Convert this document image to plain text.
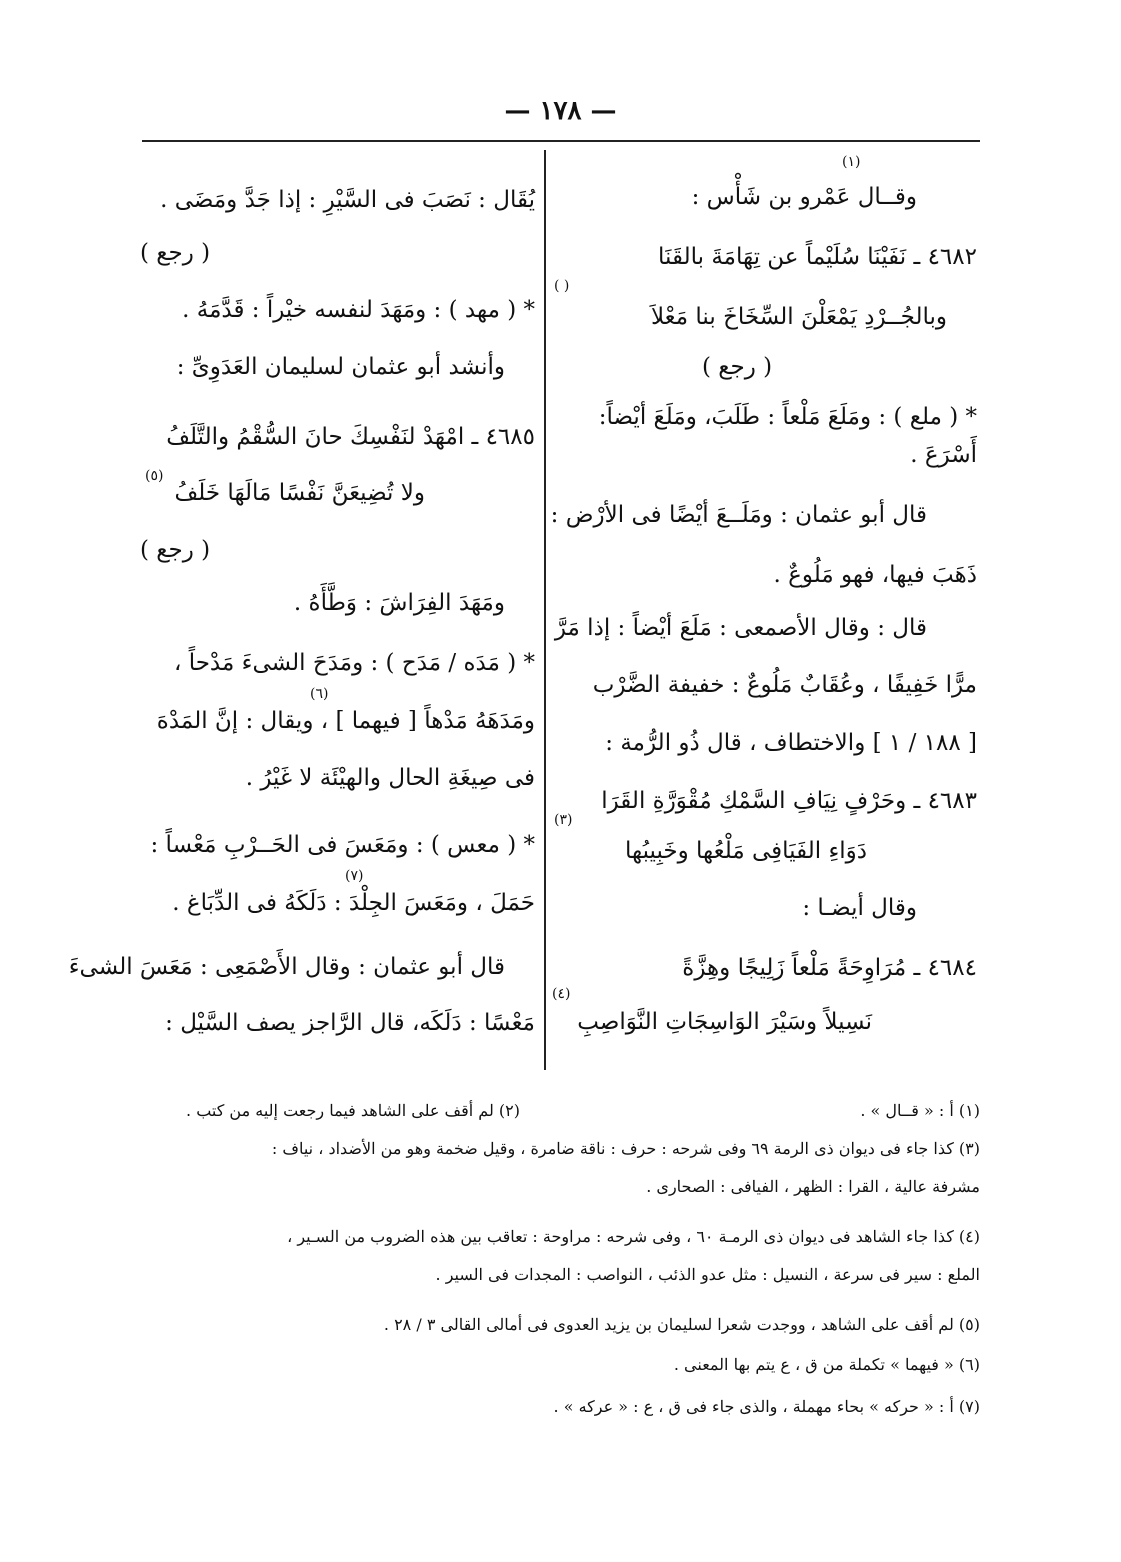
— ١٧٨ —
وقــال عَمْرو بن شَأْس :
٤٦٨٢ ـ نَفَيْنَا سُلَيْماً عن تِهَامَةَ بالقَنَا
وبالجُــرْدِ يَمْعَلْنَ السِّخَاخَ بنا مَعْلاَ
( رجع )
* ( ملع ) : ومَلَعَ مَلْعاً : طَلَبَ، ومَلَعَ أيْضاً:
أَسْرَعَ .
قال أبو عثمان : ومَلَــعَ أيْضًا فى الأرْض :
ذَهَبَ فيها، فهو مَلُوعٌ .
قال : وقال الأصمعى : مَلَعَ أيْضاً : إذا مَرَّ
مرًّا خَفِيفًا ، وعُقَابٌ مَلُوعٌ : خفيفة الضَّرْب
[ ١٨٨ / ١ ] والاختطاف ، قال ذُو الرُّمة :
٤٦٨٣ ـ وحَرْفٍ نِيَافِ السَّمْكِ مُقْوَرَّةِ القَرَا
دَوَاءِ الفَيَافِى مَلْعُها وخَبِيبُها
وقال أيضـا :
٤٦٨٤ ـ مُرَاوِحَةً مَلْعاً زَلِيجًا وهِزَّةً
نَسِيلاً وسَيْرَ الوَاسِجَاتِ النَّوَاصِبِ
(١)
( )
(٣)
(٤)
يُقَال : نَصَبَ فى السَّيْرِ : إذا جَدَّ ومَضَى .
( رجع )
* ( مهد ) : ومَهَدَ لنفسه خيْراً : قَدَّمَهُ .
وأنشد أبو عثمان لسليمان العَدَوِىِّ :
٤٦٨٥ ـ امْهَدْ لنَفْسِكَ حانَ السُّقْمُ والتَّلَفُ
ولا تُضِيعَنَّ نَفْسًا مَالَهَا خَلَفُ
( رجع )
ومَهَدَ الفِرَاشَ : وَطَّأَهُ .
* ( مَدَه / مَدَح ) : ومَدَحَ الشىءَ مَدْحاً ،
ومَدَهَهُ مَدْهاً [ فيهما ] ، ويقال : إنَّ المَدْهَ
فى صِيغَةِ الحال والهيْئَة لا غَيْرُ .
* ( معس ) : ومَعَسَ فى الحَــرْبِ مَعْساً :
حَمَلَ ، ومَعَسَ الجِلْدَ : دَلَكَهُ فى الدِّبَاغ .
قال أبو عثمان : وقال الأَصْمَعِى : مَعَسَ الشىءَ
مَعْسًا : دَلَكَه، قال الرَّاجز يصف السَّيْل :
(٥)
(٦)
(٧)
(١) أ : « قــال » .
(٢) لم أقف على الشاهد فيما رجعت إليه من كتب .
(٣) كذا جاء فى ديوان ذى الرمة ٦٩ وفى شرحه : حرف : ناقة ضامرة ، وقيل ضخمة وهو من الأضداد ، نياف :
مشرفة عالية ، القرا : الظهر ، الفيافى : الصحارى .
(٤) كذا جاء الشاهد فى ديوان ذى الرمـة ٦٠ ، وفى شرحه : مراوحة : تعاقب بين هذه الضروب من السـير ،
الملع : سير فى سرعة ، النسيل : مثل عدو الذئب ، النواصب : المجدات فى السير .
(٥) لم أقف على الشاهد ، ووجدت شعرا لسليمان بن يزيد العدوى فى أمالى القالى ٣ / ٢٨ .
(٦) « فيهما » تكملة من ق ، ع يتم بها المعنى .
(٧) أ : « حركه » بحاء مهملة ، والذى جاء فى ق ، ع : « عركه » .
